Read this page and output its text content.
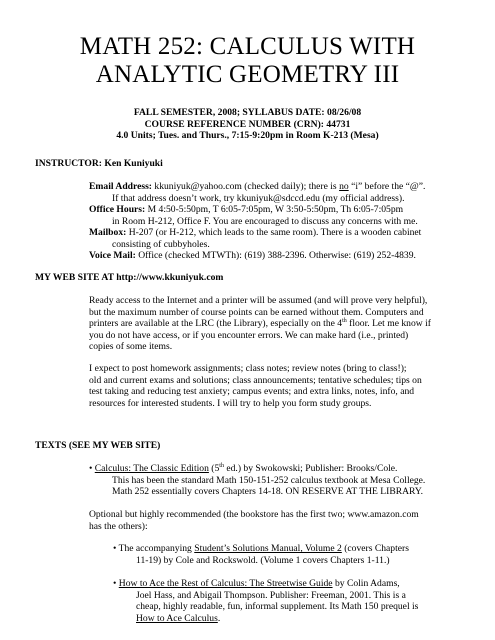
MATH 252: CALCULUS WITH
ANALYTIC GEOMETRY III
FALL SEMESTER, 2008; SYLLABUS DATE: 08/26/08
COURSE REFERENCE NUMBER (CRN): 44731
4.0 Units; Tues. and Thurs., 7:15-9:20pm in Room K-213 (Mesa)
INSTRUCTOR: Ken Kuniyuki
Email Address: kkuniyuk@yahoo.com (checked daily); there is no “i” before the “@”.
If that address doesn’t work, try kkuniyuk@sdccd.edu (my official address).
Office Hours: M 4:50-5:50pm, T 6:05-7:05pm, W 3:50-5:50pm, Th 6:05-7:05pm
in Room H-212, Office F. You are encouraged to discuss any concerns with me.
Mailbox: H-207 (or H-212, which leads to the same room). There is a wooden cabinet
consisting of cubbyholes.
Voice Mail: Office (checked MTWTh): (619) 388-2396. Otherwise: (619) 252-4839.
MY WEB SITE AT http://www.kkuniyuk.com
Ready access to the Internet and a printer will be assumed (and will prove very helpful),
but the maximum number of course points can be earned without them. Computers and
printers are available at the LRC (the Library), especially on the 4th floor. Let me know if
you do not have access, or if you encounter errors. We can make hard (i.e., printed)
copies of some items.
I expect to post homework assignments; class notes; review notes (bring to class!);
old and current exams and solutions; class announcements; tentative schedules; tips on
test taking and reducing test anxiety; campus events; and extra links, notes, info, and
resources for interested students. I will try to help you form study groups.
TEXTS (SEE MY WEB SITE)
• Calculus: The Classic Edition (5th ed.) by Swokowski; Publisher: Brooks/Cole.
This has been the standard Math 150-151-252 calculus textbook at Mesa College.
Math 252 essentially covers Chapters 14-18. ON RESERVE AT THE LIBRARY.
Optional but highly recommended (the bookstore has the first two; www.amazon.com
has the others):
• The accompanying Student’s Solutions Manual, Volume 2 (covers Chapters
11-19) by Cole and Rockswold. (Volume 1 covers Chapters 1-11.)
• How to Ace the Rest of Calculus: The Streetwise Guide by Colin Adams,
Joel Hass, and Abigail Thompson. Publisher: Freeman, 2001. This is a
cheap, highly readable, fun, informal supplement. Its Math 150 prequel is
How to Ace Calculus.
